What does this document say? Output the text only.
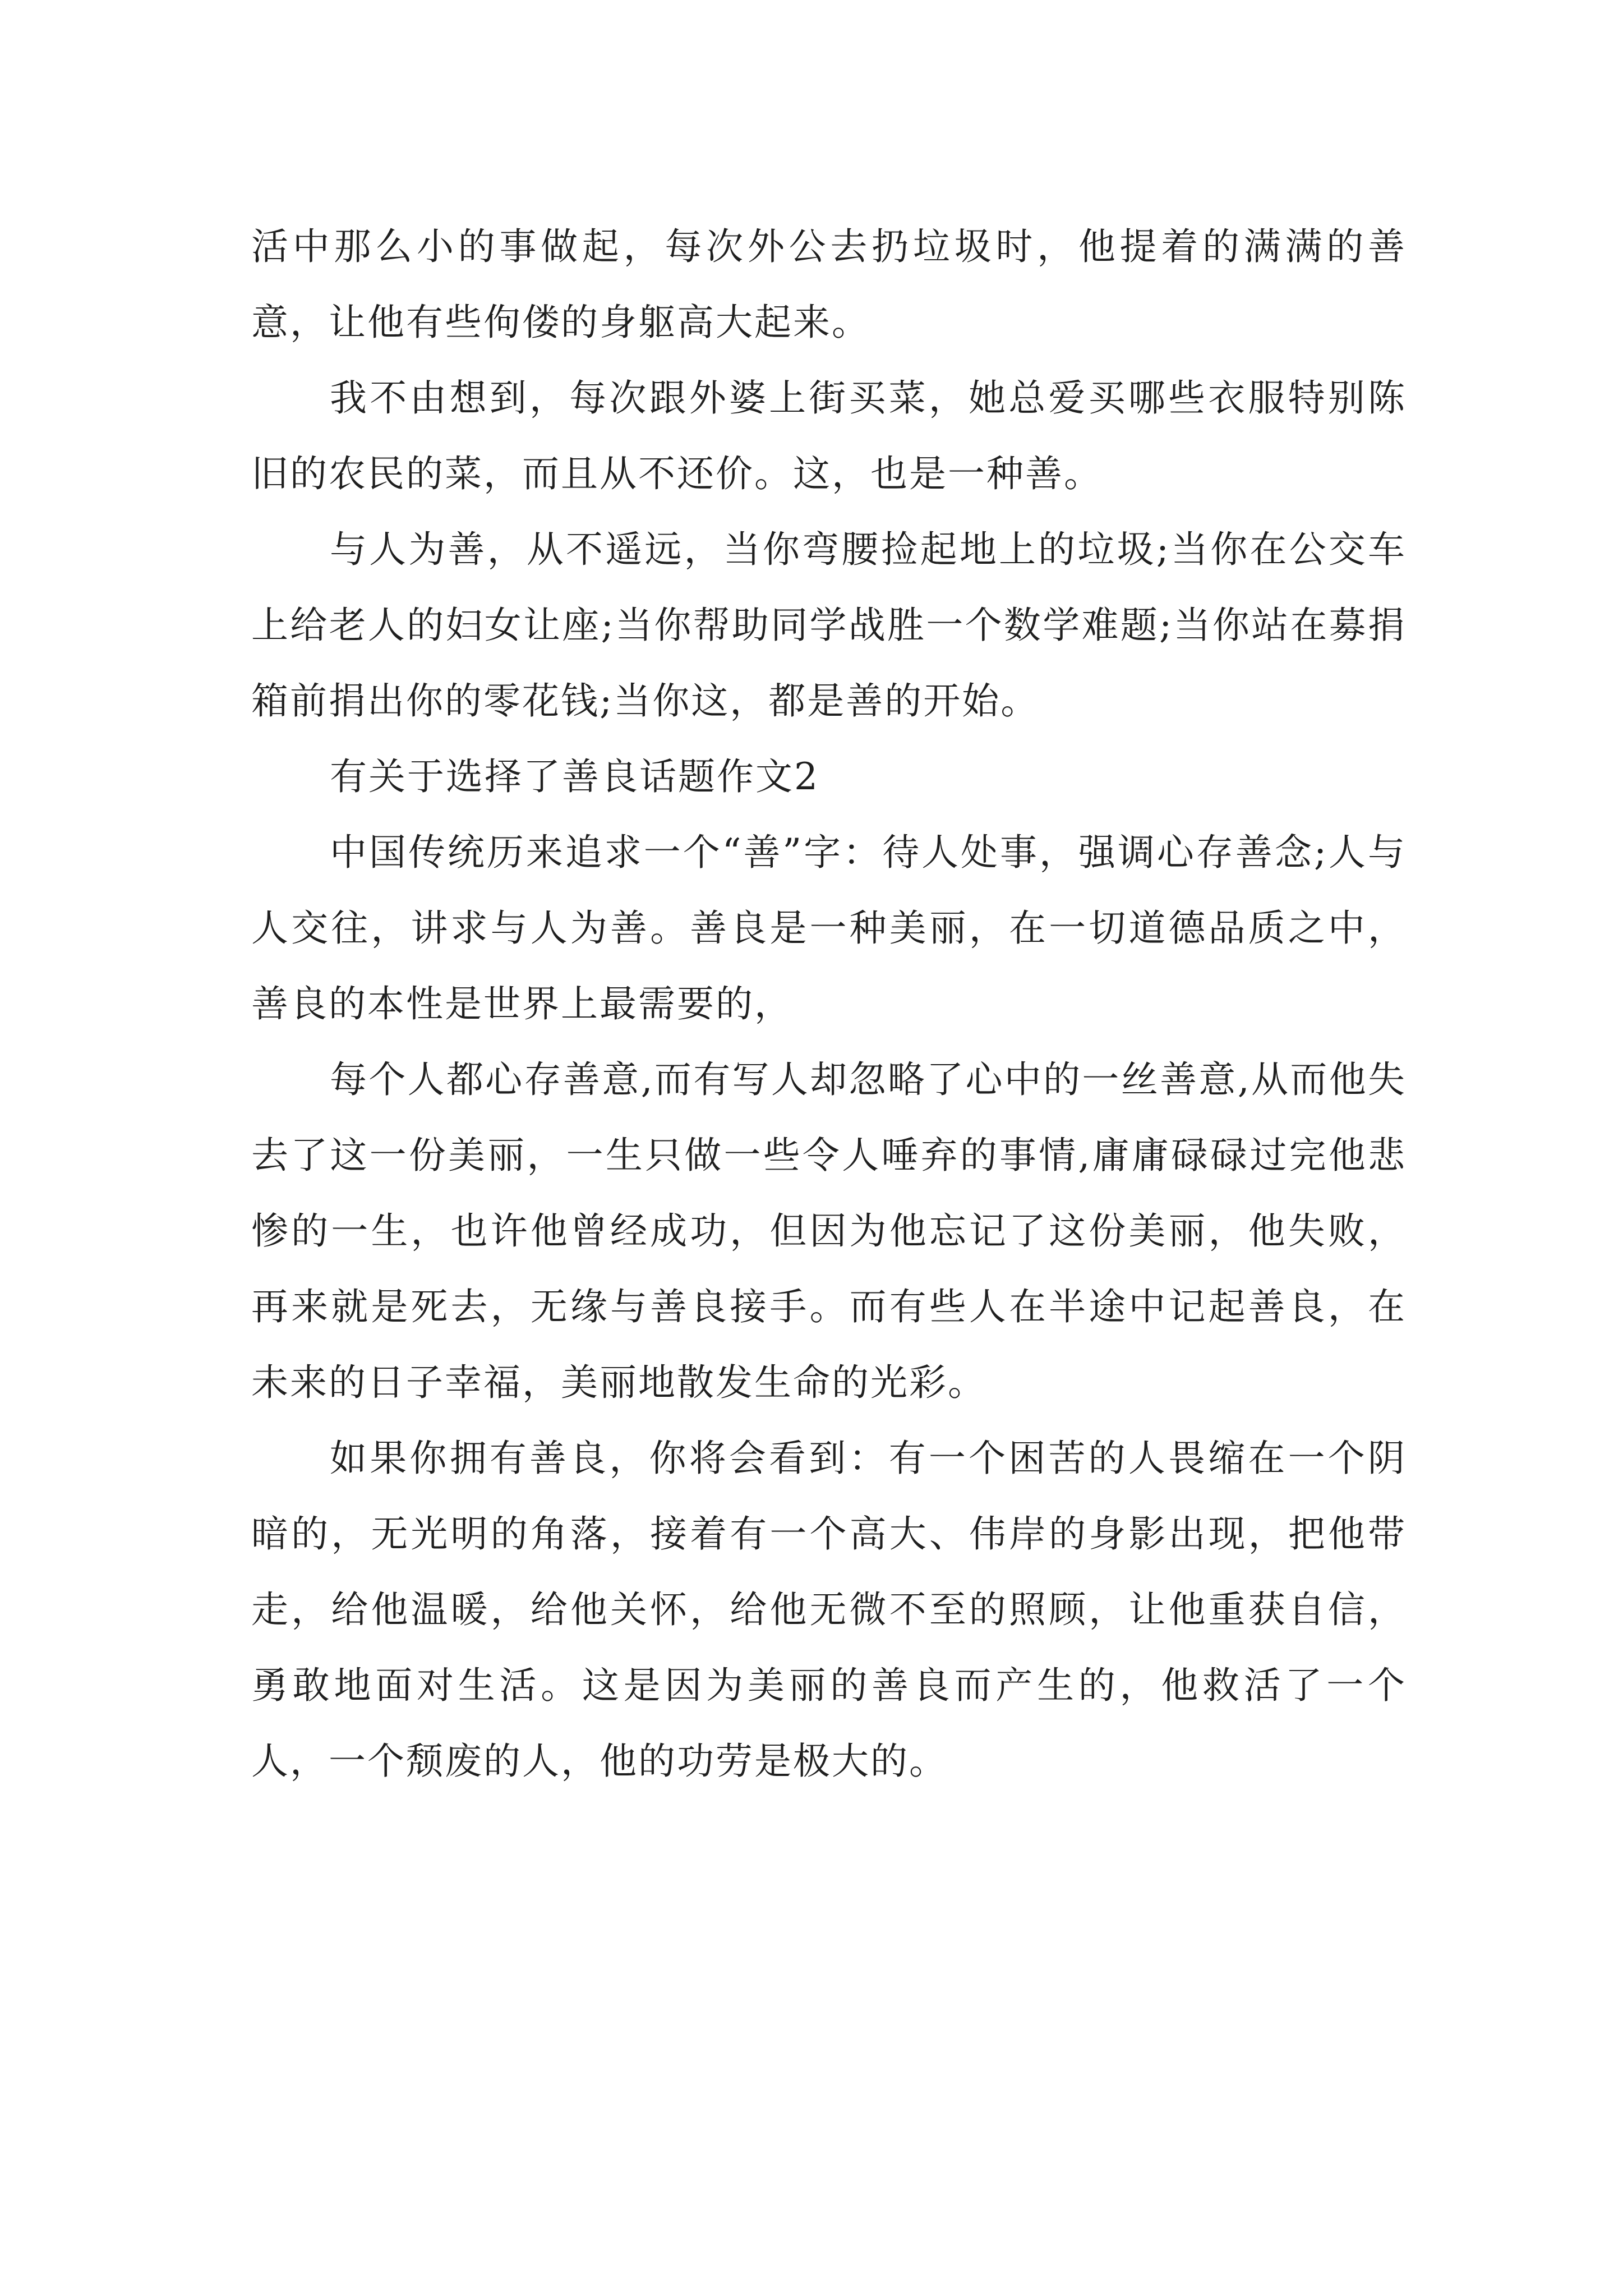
活中那么小的事做起，每次外公去扔垃圾时，他提着的满满的善意，让他有些佝偻的身躯高大起来。

我不由想到，每次跟外婆上街买菜，她总爱买哪些衣服特别陈旧的农民的菜，而且从不还价。这，也是一种善。

与人为善，从不遥远，当你弯腰捡起地上的垃圾;当你在公交车上给老人的妇女让座;当你帮助同学战胜一个数学难题;当你站在募捐箱前捐出你的零花钱;当你这，都是善的开始。

有关于选择了善良话题作文2

中国传统历来追求一个“善”字：待人处事，强调心存善念;人与人交往，讲求与人为善。善良是一种美丽，在一切道德品质之中，善良的本性是世界上最需要的，

每个人都心存善意,而有写人却忽略了心中的一丝善意,从而他失去了这一份美丽，一生只做一些令人唾弃的事情,庸庸碌碌过完他悲惨的一生，也许他曾经成功，但因为他忘记了这份美丽，他失败，再来就是死去，无缘与善良接手。而有些人在半途中记起善良，在未来的日子幸福，美丽地散发生命的光彩。

如果你拥有善良，你将会看到：有一个困苦的人畏缩在一个阴暗的，无光明的角落，接着有一个高大、伟岸的身影出现，把他带走，给他温暖，给他关怀，给他无微不至的照顾，让他重获自信，勇敢地面对生活。这是因为美丽的善良而产生的，他救活了一个人，一个颓废的人，他的功劳是极大的。
